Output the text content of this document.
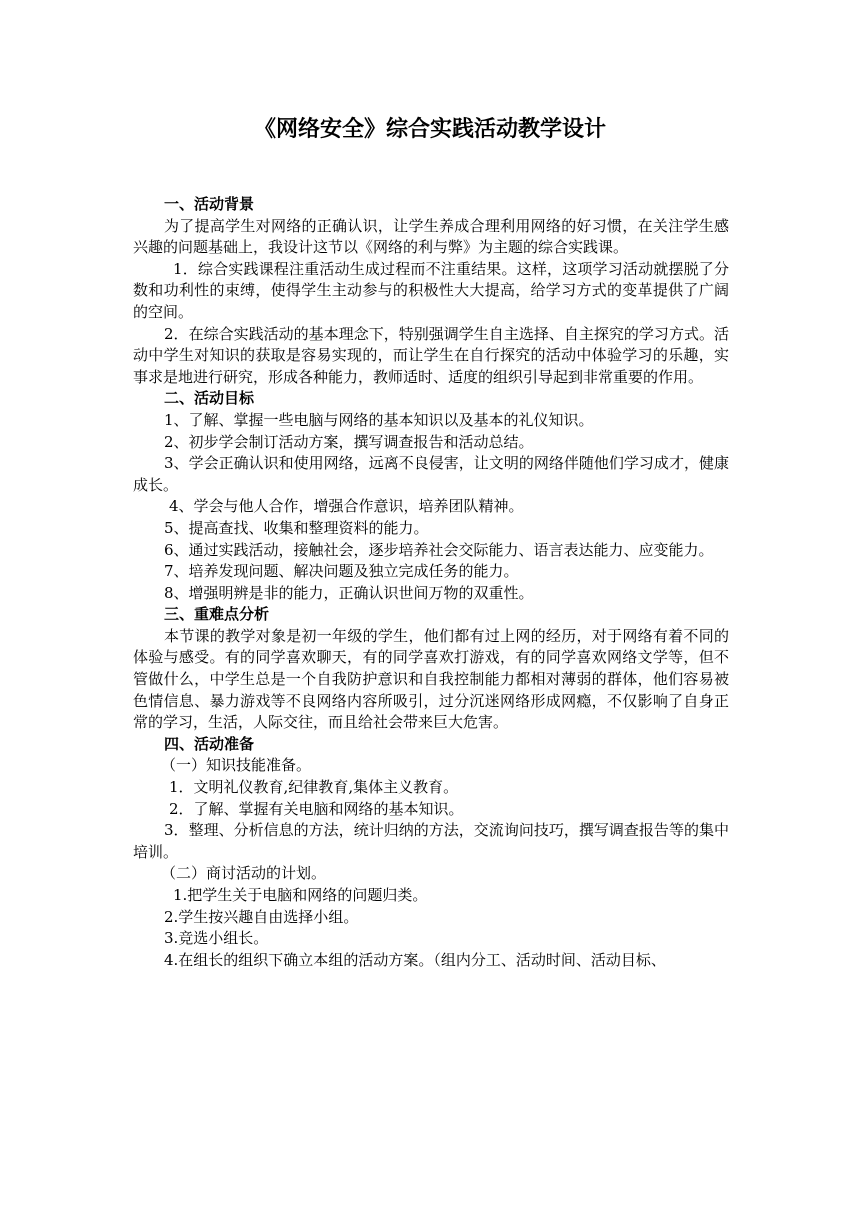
《网络安全》综合实践活动教学设计

一、活动背景

为了提高学生对网络的正确认识，让学生养成合理利用网络的好习惯，在关注学生感兴趣的问题基础上，我设计这节以《网络的利与弊》为主题的综合实践课。

1．综合实践课程注重活动生成过程而不注重结果。这样，这项学习活动就摆脱了分数和功利性的束缚，使得学生主动参与的积极性大大提高，给学习方式的变革提供了广阔的空间。

2．在综合实践活动的基本理念下，特别强调学生自主选择、自主探究的学习方式。活动中学生对知识的获取是容易实现的，而让学生在自行探究的活动中体验学习的乐趣，实事求是地进行研究，形成各种能力，教师适时、适度的组织引导起到非常重要的作用。

二、活动目标

1、了解、掌握一些电脑与网络的基本知识以及基本的礼仪知识。

2、初步学会制订活动方案，撰写调查报告和活动总结。

3、学会正确认识和使用网络，远离不良侵害，让文明的网络伴随他们学习成才，健康成长。

4、学会与他人合作，增强合作意识，培养团队精神。

5、提高查找、收集和整理资料的能力。

6、通过实践活动，接触社会，逐步培养社会交际能力、语言表达能力、应变能力。

7、培养发现问题、解决问题及独立完成任务的能力。

8、增强明辨是非的能力，正确认识世间万物的双重性。

三、重难点分析

本节课的教学对象是初一年级的学生，他们都有过上网的经历，对于网络有着不同的体验与感受。有的同学喜欢聊天，有的同学喜欢打游戏，有的同学喜欢网络文学等，但不管做什么，中学生总是一个自我防护意识和自我控制能力都相对薄弱的群体，他们容易被色情信息、暴力游戏等不良网络内容所吸引，过分沉迷网络形成网瘾，不仅影响了自身正常的学习，生活，人际交往，而且给社会带来巨大危害。

四、活动准备

（一）知识技能准备。

1．文明礼仪教育,纪律教育,集体主义教育。

2．了解、掌握有关电脑和网络的基本知识。

3．整理、分析信息的方法，统计归纳的方法，交流询问技巧，撰写调查报告等的集中培训。

（二）商讨活动的计划。

1.把学生关于电脑和网络的问题归类。

2.学生按兴趣自由选择小组。

3.竞选小组长。

4.在组长的组织下确立本组的活动方案。（组内分工、活动时间、活动目标、
